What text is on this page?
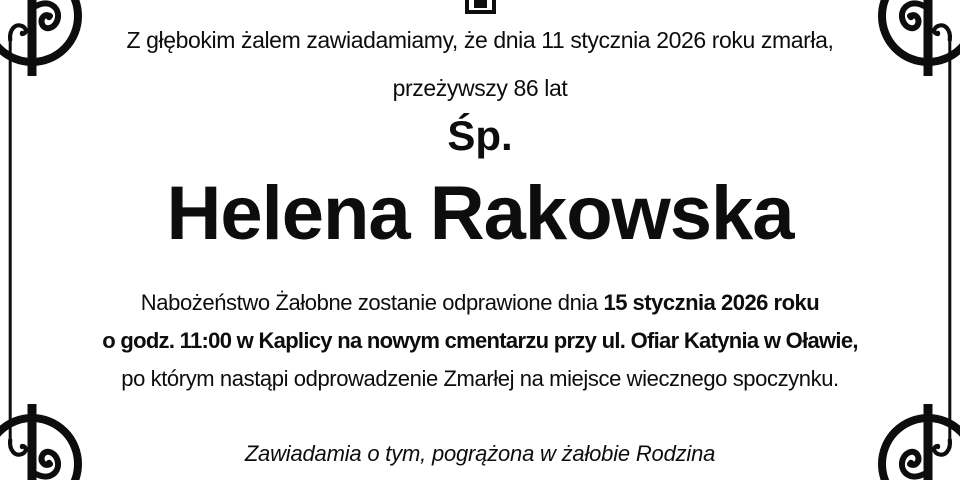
Z głębokim żalem zawiadamiamy, że dnia 11 stycznia 2026 roku zmarła,
przeżywszy 86 lat
Śp.
Helena Rakowska
Nabożeństwo Żałobne zostanie odprawione dnia 15 stycznia 2026 roku
o godz. 11:00 w Kaplicy na nowym cmentarzu przy ul. Ofiar Katynia w Oławie,
po którym nastąpi odprowadzenie Zmarłej na miejsce wiecznego spoczynku.
Zawiadamia o tym, pogrążona w żałobie Rodzina
